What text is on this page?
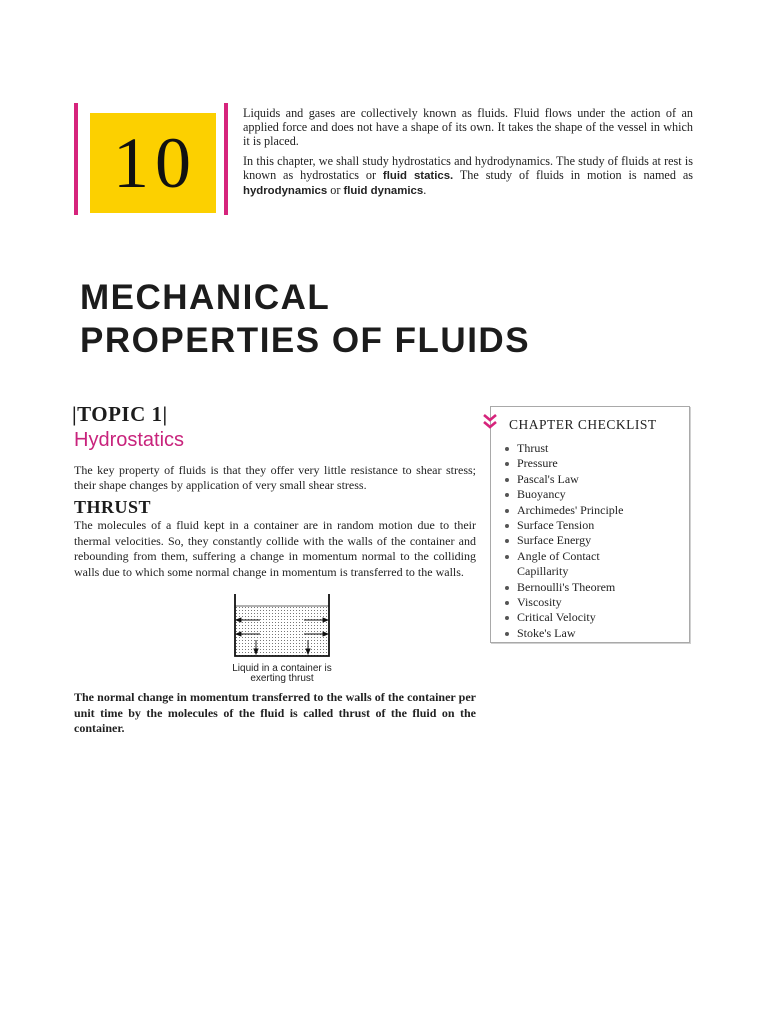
10

Liquids and gases are collectively known as fluids. Fluid flows under the action of an applied force and does not have a shape of its own. It takes the shape of the vessel in which it is placed.

In this chapter, we shall study hydrostatics and hydrodynamics. The study of fluids at rest is known as hydrostatics or fluid statics. The study of fluids in motion is named as hydrodynamics or fluid dynamics.

MECHANICAL
PROPERTIES OF FLUIDS
|TOPIC 1|
Hydrostatics

The key property of fluids is that they offer very little resistance to shear stress; their shape changes by application of very small shear stress.

THRUST

The molecules of a fluid kept in a container are in random motion due to their thermal velocities. So, they constantly collide with the walls of the container and rebounding from them, suffering a change in momentum normal to the colliding walls due to which some normal change in momentum is transferred to the walls.

Liquid in a container is
exerting thrust

The normal change in momentum transferred to the walls of the container per unit time by the molecules of the fluid is called thrust of the fluid on the container.

CHAPTER CHECKLIST
Thrust
Pressure
Pascal's Law
Buoyancy
Archimedes' Principle
Surface Tension
Surface Energy
Angle of Contact
Capillarity
Bernoulli's Theorem
Viscosity
Critical Velocity
Stoke's Law
